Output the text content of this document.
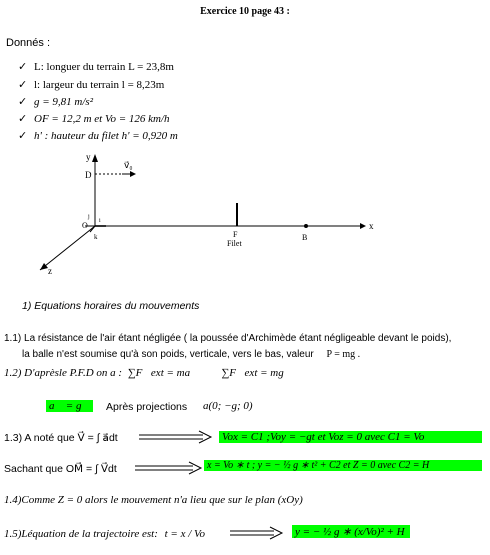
Exercice 10 page 43 :
Donnés :
✓ L: longuer du terrain L = 23,8m
✓ l: largeur du terrain l = 8,23m
✓ g = 9,81 m/s²
✓ OF = 12,2 m et Vo = 126 km/h
✓ h' : hauteur du filet h' = 0,920 m
y
x
z
v⃗₀
D
O
j
i
k	F
Filet
B
1) Equations horaires du mouvements
1.1) La résistance de l'air étant négligée ( la poussée d'Archimède étant négligeable devant le poids),
la balle n'est soumise qu'à son poids, verticale, vers le bas, valeur P = mg .
1.2) D'aprèsle P.F.D on a : ∑F⃗ext = ma⃗ ∑F⃗ext = mg⃗
a⃗ = g⃗ Après projections a(0; −g; 0)
1.3) A noté que V⃗ = ∫ a⃗dt	Vox = C1 ;Voy = −gt et Voz = 0 avec C1 = Vo
Sachant que OM⃗ = ∫ V⃗dt	x = Vo ∗ t ; y = − ½ g ∗ t² + C2 et Z = 0 avec C2 = H
1.4)Comme Z = 0 alors le mouvement n'a lieu que sur le plan (xOy)
1.5)Léquation de la trajectoire est: t = x / Vo	y = − ½ g ∗ (x/Vo)² + H
